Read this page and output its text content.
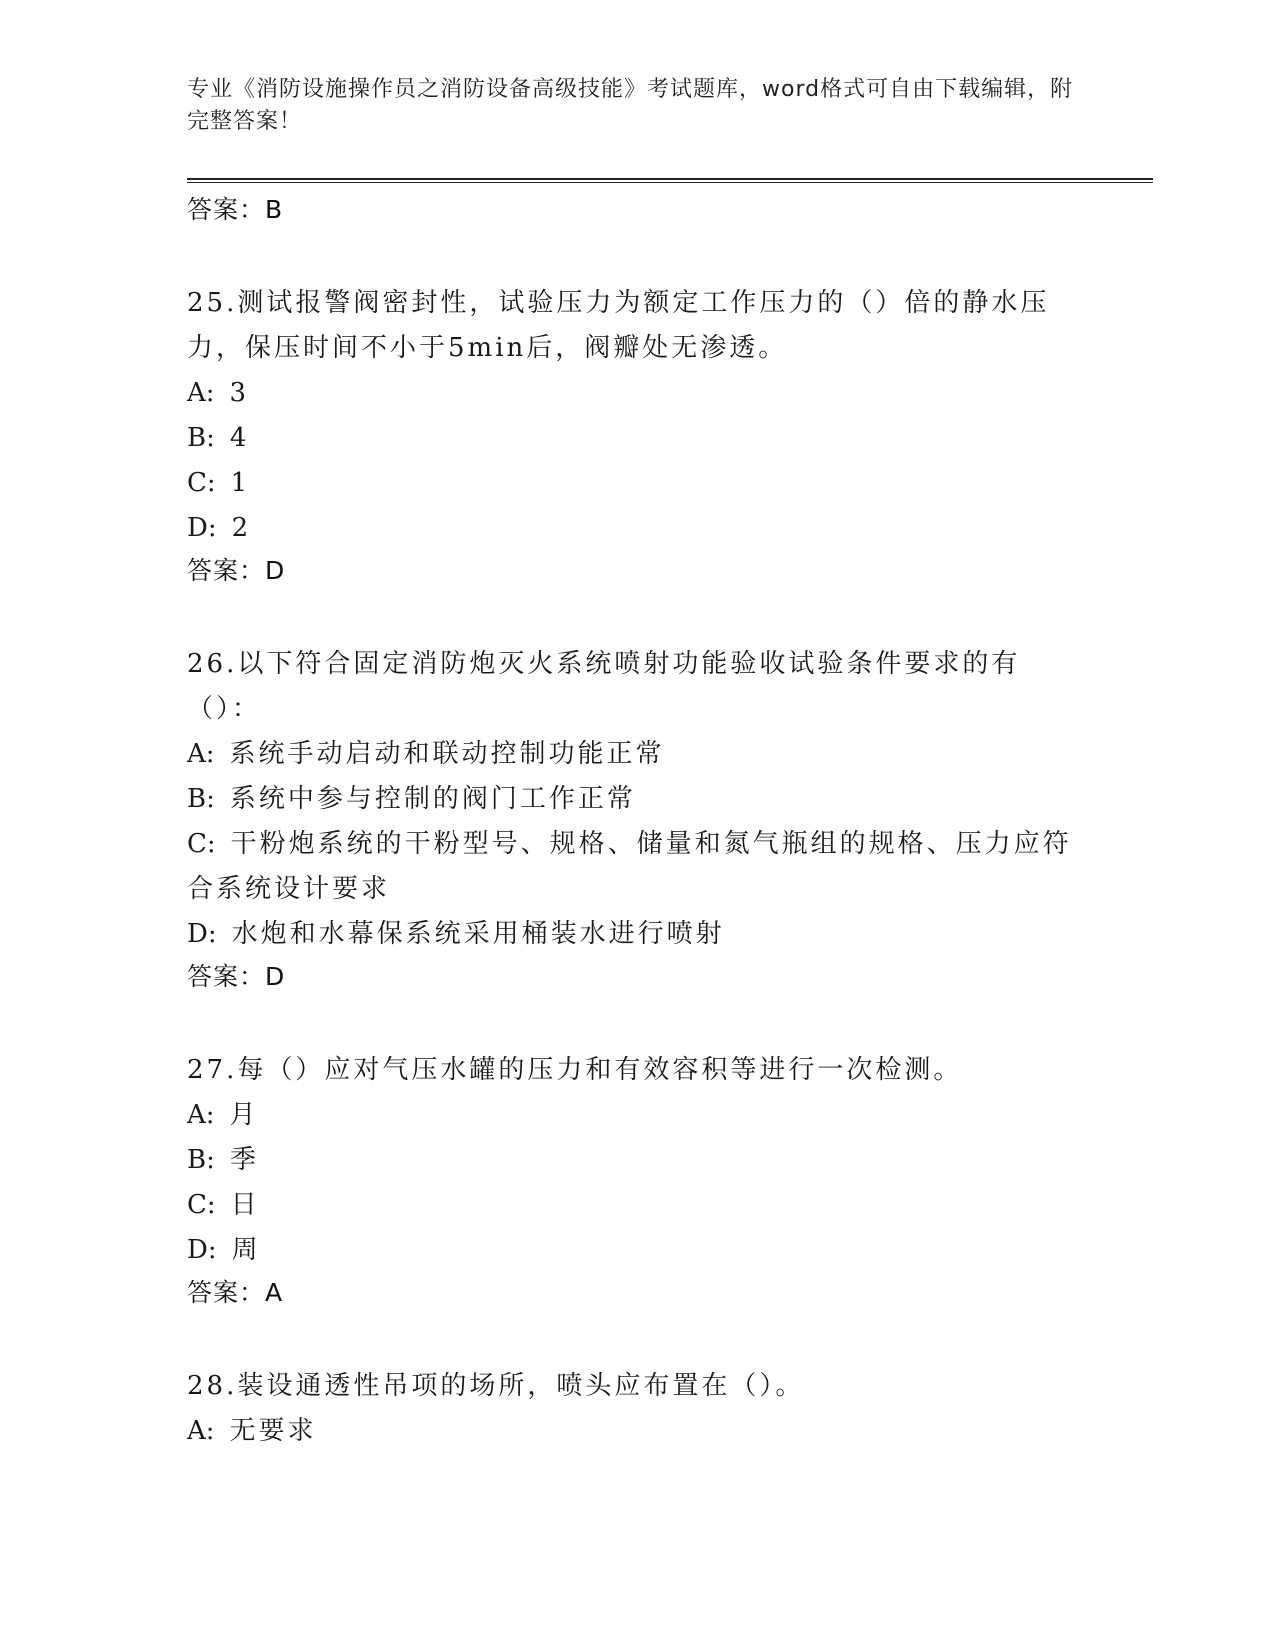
专业《消防设施操作员之消防设备高级技能》考试题库，word格式可自由下载编辑，附完整答案！

答案：B

25.测试报警阀密封性，试验压力为额定工作压力的（）倍的静水压力，保压时间不小于5min后，阀瓣处无渗透。

A: 3

B: 4

C: 1

D: 2

答案：D

26.以下符合固定消防炮灭火系统喷射功能验收试验条件要求的有（）：

A: 系统手动启动和联动控制功能正常

B: 系统中参与控制的阀门工作正常

C: 干粉炮系统的干粉型号、规格、储量和氮气瓶组的规格、压力应符合系统设计要求

D: 水炮和水幕保系统采用桶装水进行喷射

答案：D

27.每（）应对气压水罐的压力和有效容积等进行一次检测。

A: 月

B: 季

C: 日

D: 周

答案：A

28.装设通透性吊项的场所，喷头应布置在（）。

A: 无要求
